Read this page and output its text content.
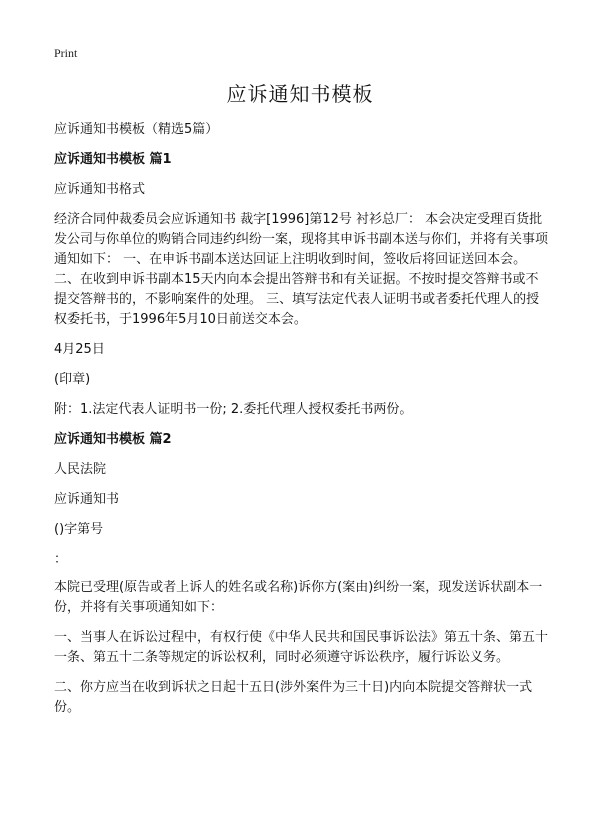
Print
应诉通知书模板

应诉通知书模板（精选5篇）

应诉通知书模板 篇1

应诉通知书格式

经济合同仲裁委员会应诉通知书 裁字[1996]第12号 衬衫总厂： 本会决定受理百货批发公司与你单位的购销合同违约纠纷一案，现将其申诉书副本送与你们，并将有关事项通知如下： 一、在申诉书副本送达回证上注明收到时间，签收后将回证送回本会。 二、在收到申诉书副本15天内向本会提出答辩书和有关证据。不按时提交答辩书或不提交答辩书的，不影响案件的处理。 三、填写法定代表人证明书或者委托代理人的授权委托书，于1996年5月10日前送交本会。

4月25日

(印章)

附：1.法定代表人证明书一份; 2.委托代理人授权委托书两份。

应诉通知书模板 篇2

人民法院

应诉通知书

()字第号

：

本院已受理(原告或者上诉人的姓名或名称)诉你方(案由)纠纷一案，现发送诉状副本一份，并将有关事项通知如下：

一、当事人在诉讼过程中，有权行使《中华人民共和国民事诉讼法》第五十条、第五十一条、第五十二条等规定的诉讼权利，同时必须遵守诉讼秩序，履行诉讼义务。

二、你方应当在收到诉状之日起十五日(涉外案件为三十日)内向本院提交答辩状一式份。
